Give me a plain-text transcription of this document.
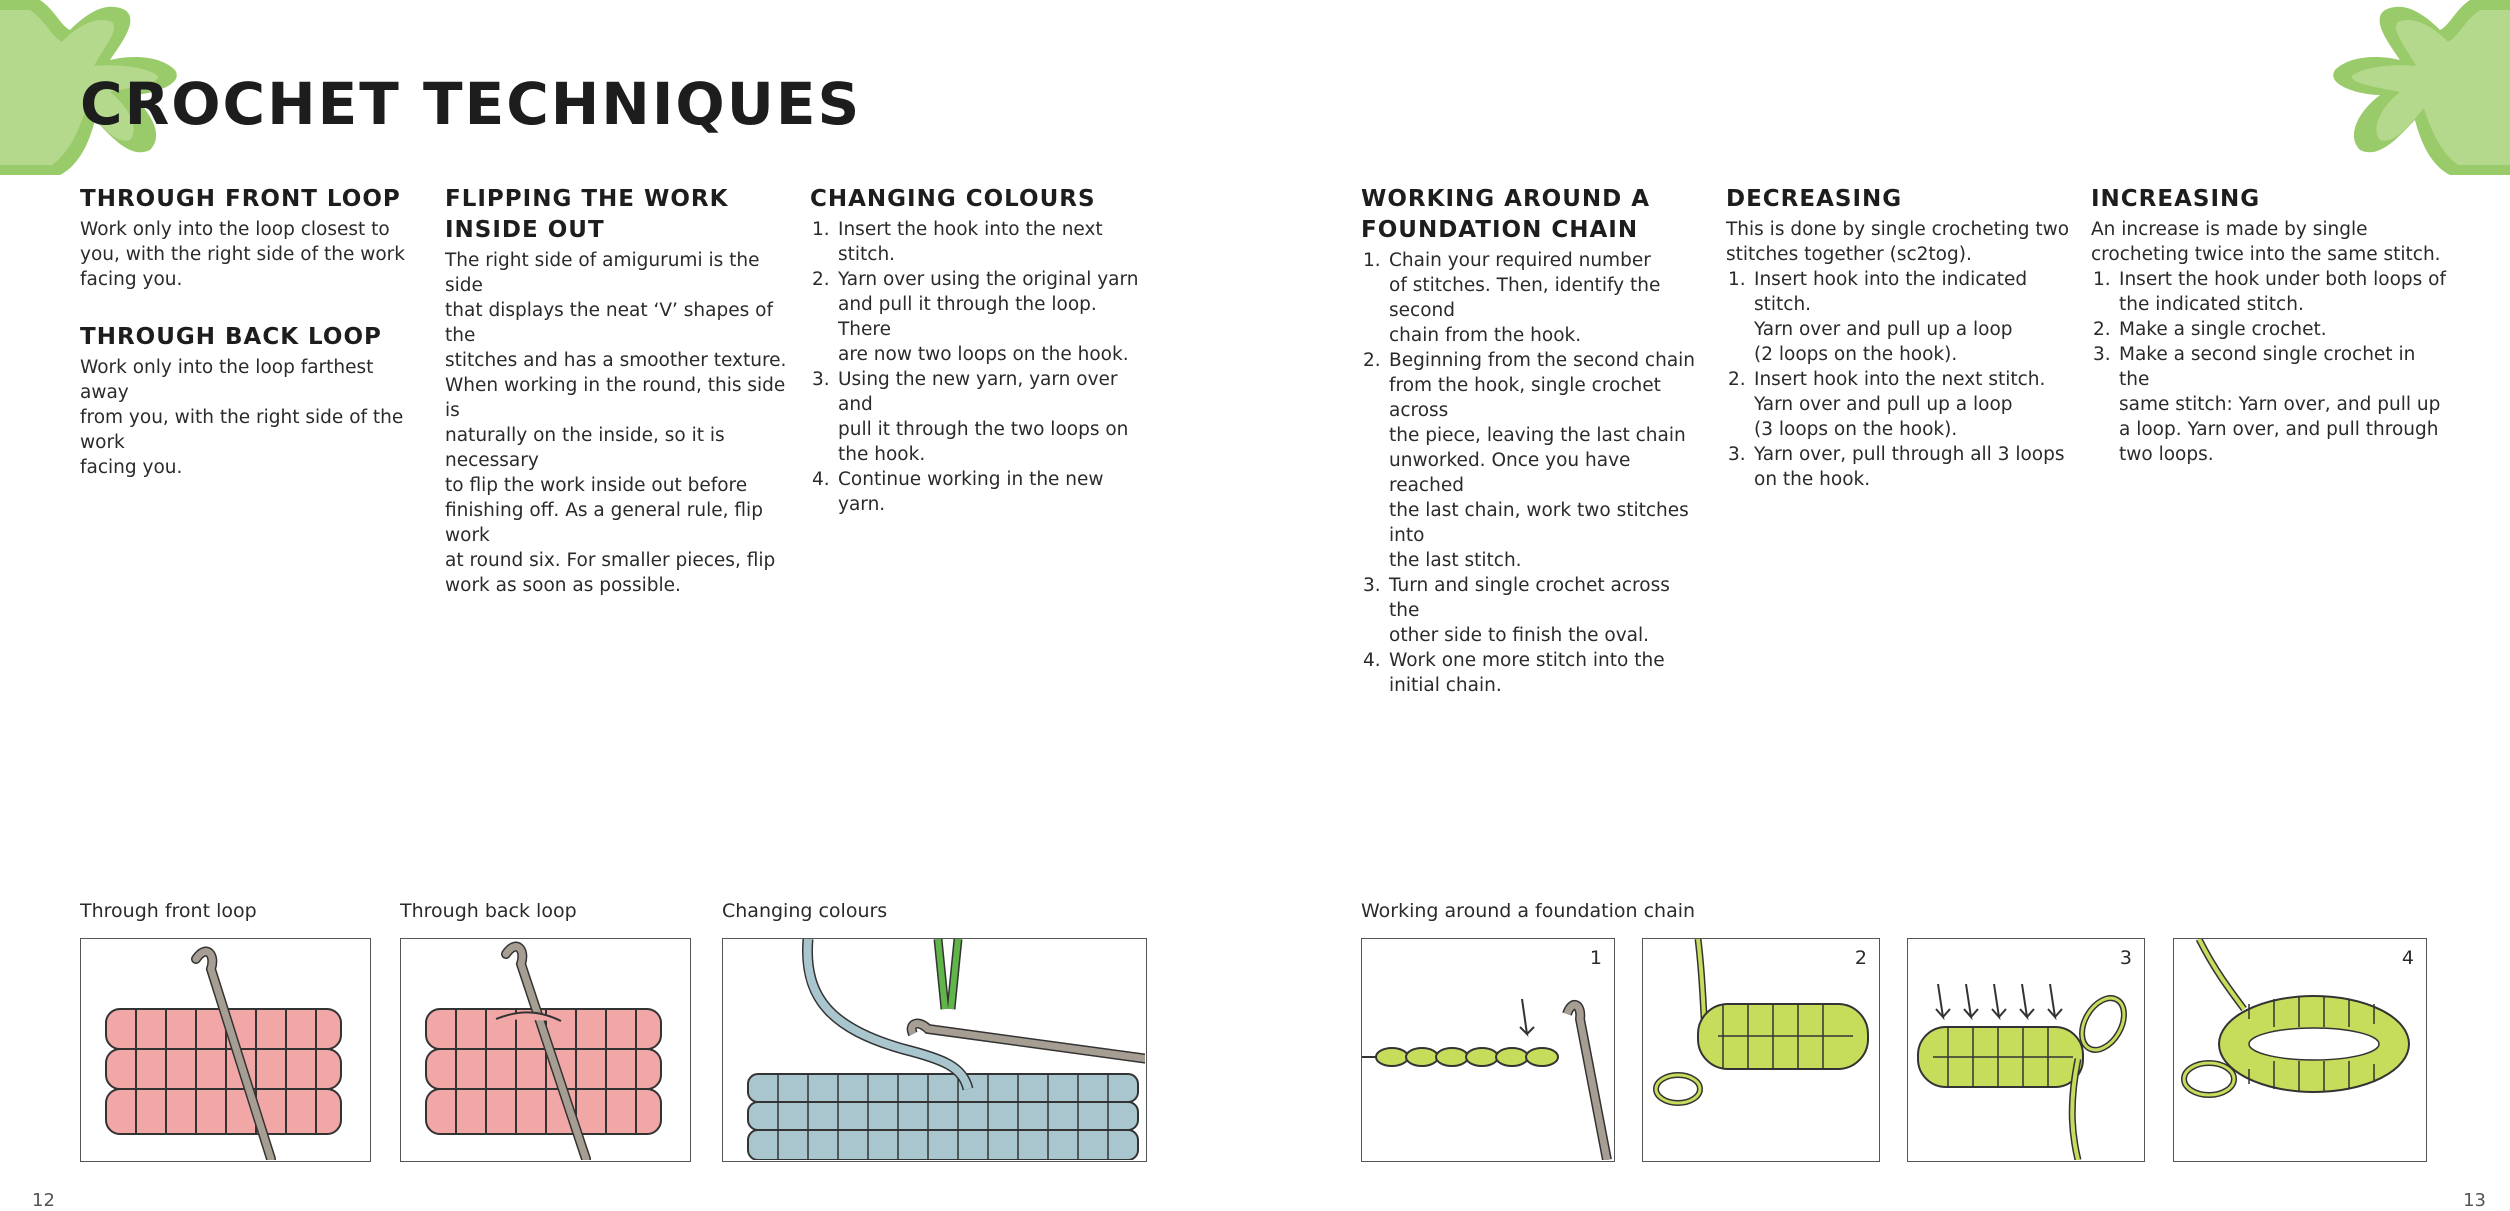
CROCHET TECHNIQUES
THROUGH FRONT LOOP

Work only into the loop closest to
you, with the right side of the work
facing you.

THROUGH BACK LOOP

Work only into the loop farthest away
from you, with the right side of the work
facing you.

FLIPPING THE WORK
INSIDE OUT

The right side of amigurumi is the side
that displays the neat ‘V’ shapes of the
stitches and has a smoother texture.
When working in the round, this side is
naturally on the inside, so it is necessary
to flip the work inside out before
finishing off. As a general rule, flip work
at round six. For smaller pieces, flip
work as soon as possible.

CHANGING COLOURS
1. Insert the hook into the next stitch.
2. Yarn over using the original yarn
and pull it through the loop. There
are now two loops on the hook.
3. Using the new yarn, yarn over and
pull it through the two loops on
the hook.
4. Continue working in the new yarn.
WORKING AROUND A
FOUNDATION CHAIN
1. Chain your required number
of stitches. Then, identify the second
chain from the hook.
2. Beginning from the second chain
from the hook, single crochet across
the piece, leaving the last chain
unworked. Once you have reached
the last chain, work two stitches into
the last stitch.
3. Turn and single crochet across the
other side to finish the oval.
4. Work one more stitch into the
initial chain.
DECREASING

This is done by single crocheting two
stitches together (sc2tog).

1. Insert hook into the indicated stitch.
Yarn over and pull up a loop
(2 loops on the hook).
2. Insert hook into the next stitch.
Yarn over and pull up a loop
(3 loops on the hook).
3. Yarn over, pull through all 3 loops
on the hook.
INCREASING

An increase is made by single
crocheting twice into the same stitch.

1. Insert the hook under both loops of
the indicated stitch.
2. Make a single crochet.
3. Make a second single crochet in the
same stitch: Yarn over, and pull up
a loop. Yarn over, and pull through
two loops.
Through front loop	Through back loop	Changing colours	Working around a foundation chain
1	2	3	4
12	13
